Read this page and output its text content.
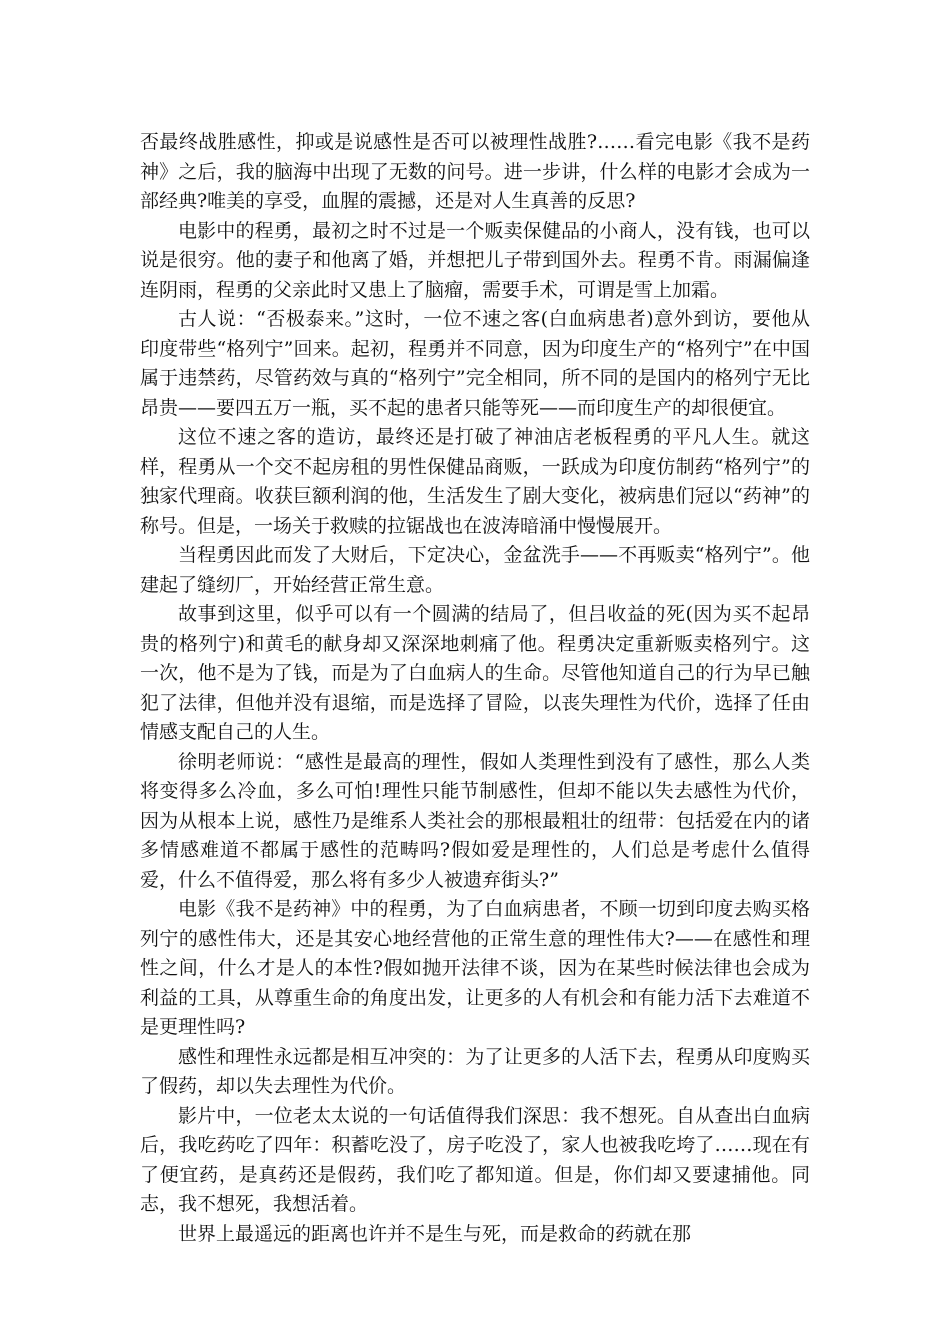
否最终战胜感性，抑或是说感性是否可以被理性战胜?……看完电影《我不是药神》之后，我的脑海中出现了无数的问号。进一步讲，什么样的电影才会成为一部经典?唯美的享受，血腥的震撼，还是对人生真善的反思?

电影中的程勇，最初之时不过是一个贩卖保健品的小商人，没有钱，也可以说是很穷。他的妻子和他离了婚，并想把儿子带到国外去。程勇不肯。雨漏偏逢连阴雨，程勇的父亲此时又患上了脑瘤，需要手术，可谓是雪上加霜。

古人说：“否极泰来。”这时，一位不速之客(白血病患者)意外到访，要他从印度带些“格列宁”回来。起初，程勇并不同意，因为印度生产的“格列宁”在中国属于违禁药，尽管药效与真的“格列宁”完全相同，所不同的是国内的格列宁无比昂贵——要四五万一瓶，买不起的患者只能等死——而印度生产的却很便宜。

这位不速之客的造访，最终还是打破了神油店老板程勇的平凡人生。就这样，程勇从一个交不起房租的男性保健品商贩，一跃成为印度仿制药“格列宁”的独家代理商。收获巨额利润的他，生活发生了剧大变化，被病患们冠以“药神”的称号。但是，一场关于救赎的拉锯战也在波涛暗涌中慢慢展开。

当程勇因此而发了大财后，下定决心，金盆洗手——不再贩卖“格列宁”。他建起了缝纫厂，开始经营正常生意。

故事到这里，似乎可以有一个圆满的结局了，但吕收益的死(因为买不起昂贵的格列宁)和黄毛的献身却又深深地刺痛了他。程勇决定重新贩卖格列宁。这一次，他不是为了钱，而是为了白血病人的生命。尽管他知道自己的行为早已触犯了法律，但他并没有退缩，而是选择了冒险，以丧失理性为代价，选择了任由情感支配自己的人生。

徐明老师说：“感性是最高的理性，假如人类理性到没有了感性，那么人类将变得多么冷血，多么可怕!理性只能节制感性，但却不能以失去感性为代价，因为从根本上说，感性乃是维系人类社会的那根最粗壮的纽带：包括爱在内的诸多情感难道不都属于感性的范畴吗?假如爱是理性的，人们总是考虑什么值得爱，什么不值得爱，那么将有多少人被遗弃街头?”

电影《我不是药神》中的程勇，为了白血病患者，不顾一切到印度去购买格列宁的感性伟大，还是其安心地经营他的正常生意的理性伟大?——在感性和理性之间，什么才是人的本性?假如抛开法律不谈，因为在某些时候法律也会成为利益的工具，从尊重生命的角度出发，让更多的人有机会和有能力活下去难道不是更理性吗?

感性和理性永远都是相互冲突的：为了让更多的人活下去，程勇从印度购买了假药，却以失去理性为代价。

影片中，一位老太太说的一句话值得我们深思：我不想死。自从查出白血病后，我吃药吃了四年：积蓄吃没了，房子吃没了，家人也被我吃垮了……现在有了便宜药，是真药还是假药，我们吃了都知道。但是，你们却又要逮捕他。同志，我不想死，我想活着。

世界上最遥远的距离也许并不是生与死，而是救命的药就在那
